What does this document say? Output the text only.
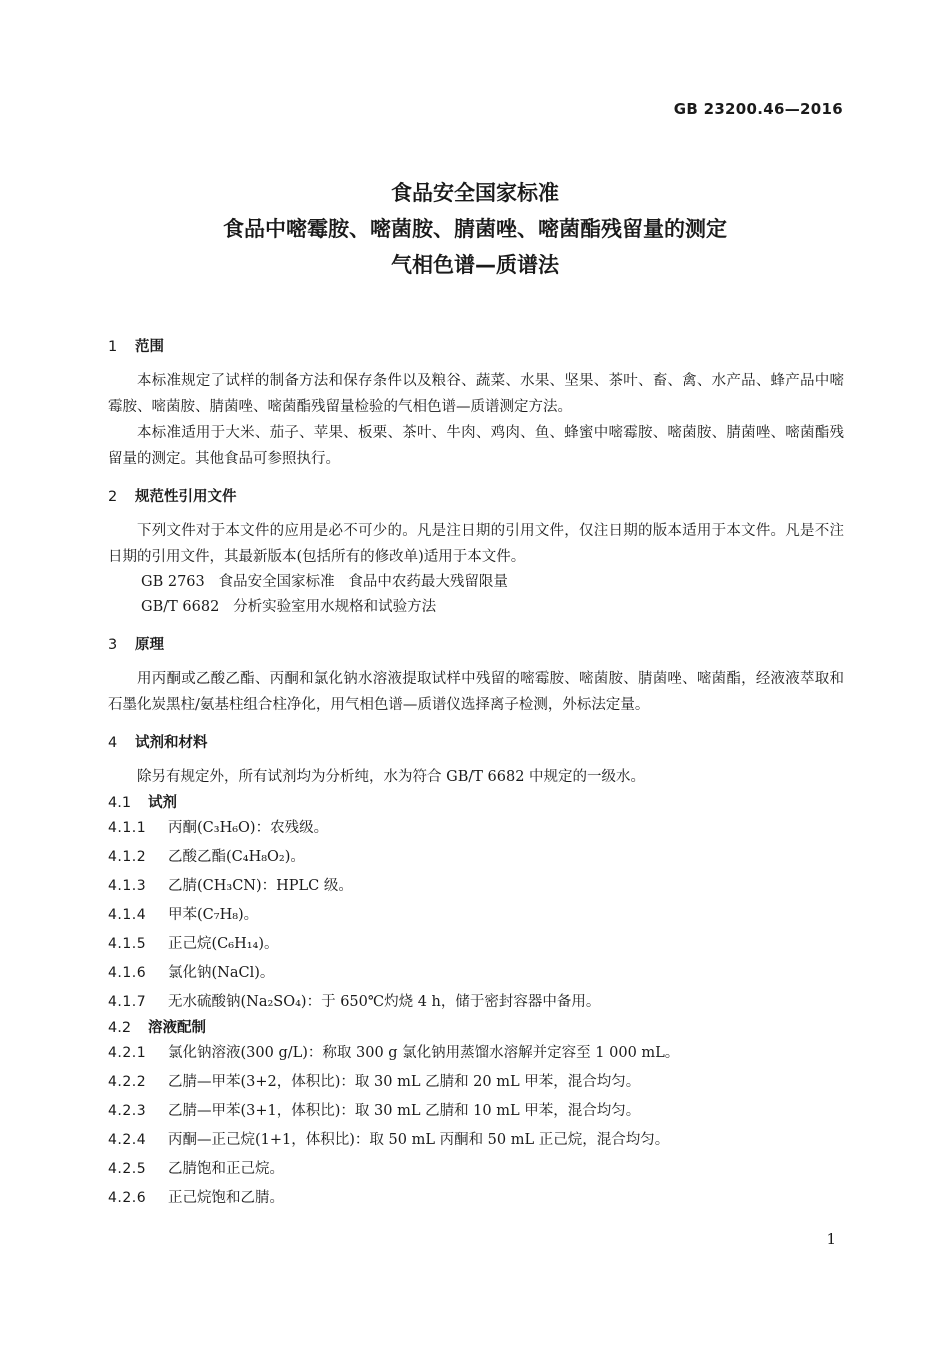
GB 23200.46—2016

食品安全国家标准

食品中嘧霉胺、嘧菌胺、腈菌唑、嘧菌酯残留量的测定

气相色谱—质谱法

1	范围

本标准规定了试样的制备方法和保存条件以及粮谷、蔬菜、水果、坚果、茶叶、畜、禽、水产品、蜂产品中嘧霉胺、嘧菌胺、腈菌唑、嘧菌酯残留量检验的气相色谱—质谱测定方法。

本标准适用于大米、茄子、苹果、板栗、茶叶、牛肉、鸡肉、鱼、蜂蜜中嘧霉胺、嘧菌胺、腈菌唑、嘧菌酯残留量的测定。其他食品可参照执行。

2	规范性引用文件

下列文件对于本文件的应用是必不可少的。凡是注日期的引用文件，仅注日期的版本适用于本文件。凡是不注日期的引用文件，其最新版本(包括所有的修改单)适用于本文件。

GB 2763   食品安全国家标准   食品中农药最大残留限量
GB/T 6682   分析实验室用水规格和试验方法
3	原理

用丙酮或乙酸乙酯、丙酮和氯化钠水溶液提取试样中残留的嘧霉胺、嘧菌胺、腈菌唑、嘧菌酯，经液液萃取和石墨化炭黑柱/氨基柱组合柱净化，用气相色谱—质谱仪选择离子检测，外标法定量。

4	试剂和材料

除另有规定外，所有试剂均为分析纯，水为符合 GB/T 6682 中规定的一级水。

4.1	试剂
4.1.1	丙酮(C₃H₆O)：农残级。
4.1.2	乙酸乙酯(C₄H₈O₂)。
4.1.3	乙腈(CH₃CN)：HPLC 级。
4.1.4	甲苯(C₇H₈)。
4.1.5	正己烷(C₆H₁₄)。
4.1.6	氯化钠(NaCl)。
4.1.7	无水硫酸钠(Na₂SO₄)：于 650℃灼烧 4 h，储于密封容器中备用。
4.2	溶液配制
4.2.1	氯化钠溶液(300 g/L)：称取 300 g 氯化钠用蒸馏水溶解并定容至 1 000 mL。
4.2.2	乙腈—甲苯(3+2，体积比)：取 30 mL 乙腈和 20 mL 甲苯，混合均匀。
4.2.3	乙腈—甲苯(3+1，体积比)：取 30 mL 乙腈和 10 mL 甲苯，混合均匀。
4.2.4	丙酮—正己烷(1+1，体积比)：取 50 mL 丙酮和 50 mL 正己烷，混合均匀。
4.2.5	乙腈饱和正己烷。
4.2.6	正己烷饱和乙腈。
1
